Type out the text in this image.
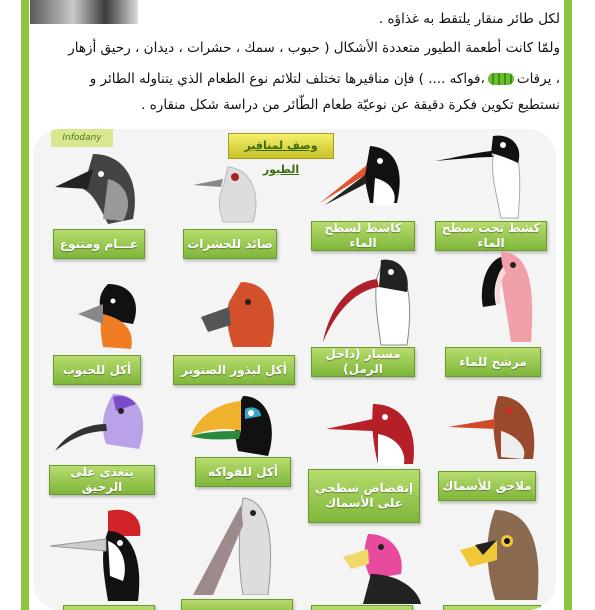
لكل طائر منقار يلتقط به غذاؤه .
ولمّا كانت أطعمة الطيور متعددة الأشكال ( حبوب ، سمك ، حشرات ، ديدان ، رحيق أزهار
، يرقات،فواكه .... ) فإن مناقيرها تختلف لتلائم نوع الطعام الذي يتناوله الطائر و
نستطيع تكوين فكرة دقيقة عن نوعيّة طعام الطّائر من دراسة شكل منقاره .
Infodany
وصف لمناقير الطيور
عـــام ومتنوع	صائد للحشرات
كاشط لسطح الماء
كشط تحت سطح الماء
أكل للحبوب	أكل لبذور الصنوبر
مسبار (داخل الرمل)
مرشح للماء
يتغذى على الرحيق
أكل للفواكه
إنقضاض سطحي على الأسماك
ملاحق للأسماك
